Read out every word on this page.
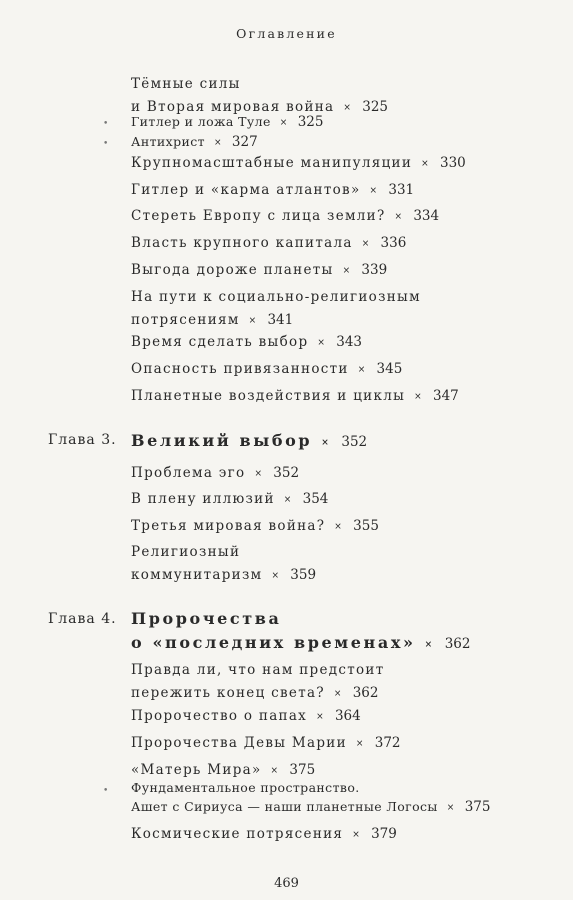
Оглавление
Тёмные силы
и Вторая мировая война × 325
• Гитлер и ложа Туле × 325
• Антихрист × 327
Крупномасштабные манипуляции × 330
Гитлер и «карма атлантов» × 331
Стереть Европу с лица земли? × 334
Власть крупного капитала × 336
Выгода дороже планеты × 339
На пути к социально-религиозным
потрясениям × 341
Время сделать выбор × 343
Опасность привязанности × 345
Планетные воздействия и циклы × 347
Глава 3. Великий выбор × 352
Проблема эго × 352
В плену иллюзий × 354
Третья мировая война? × 355
Религиозный
коммунитаризм × 359
Глава 4. Пророчества
о «последних временах» × 362
Правда ли, что нам предстоит
пережить конец света? × 362
Пророчество о папах × 364
Пророчества Девы Марии × 372
«Матерь Мира» × 375
• Фундаментальное пространство.
Ашет с Сириуса — наши планетные Логосы × 375
Космические потрясения × 379
469
